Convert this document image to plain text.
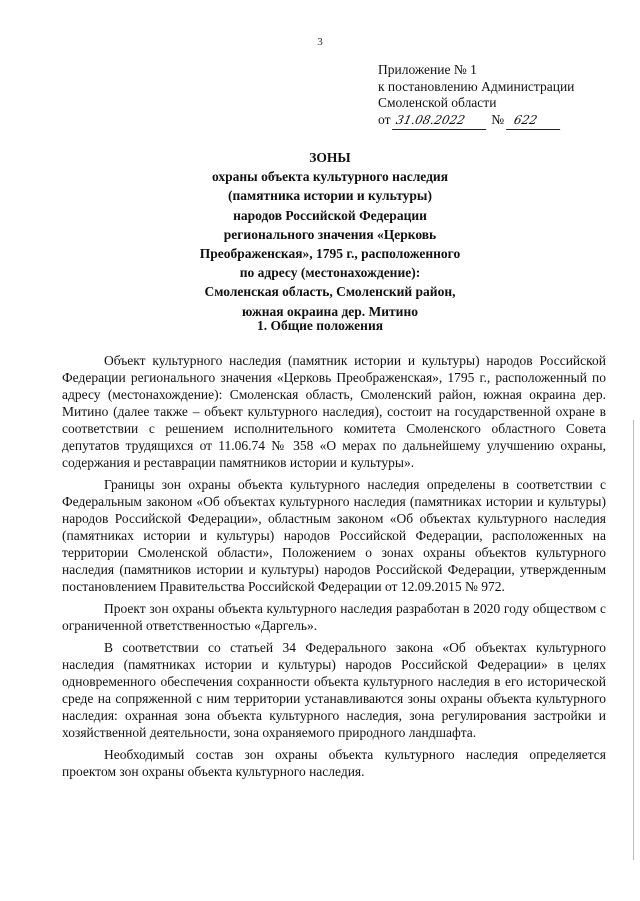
3
Приложение № 1
к постановлению Администрации
Смоленской области
от 31.08.2022 № 622
ЗОНЫ
охраны объекта культурного наследия
(памятника истории и культуры)
народов Российской Федерации
регионального значения «Церковь
Преображенская», 1795 г., расположенного
по адресу (местонахождение):
Смоленская область, Смоленский район,
южная окраина дер. Митино
1. Общие положения

Объект культурного наследия (памятник истории и культуры) народов Российской Федерации регионального значения «Церковь Преображенская», 1795 г., расположенный по адресу (местонахождение): Смоленская область, Смоленский район, южная окраина дер. Митино (далее также – объект культурного наследия), состоит на государственной охране в соответствии с решением исполнительного комитета Смоленского областного Совета депутатов трудящихся от 11.06.74 № 358 «О мерах по дальнейшему улучшению охраны, содержания и реставрации памятников истории и культуры».

Границы зон охраны объекта культурного наследия определены в соответствии с Федеральным законом «Об объектах культурного наследия (памятниках истории и культуры) народов Российской Федерации», областным законом «Об объектах культурного наследия (памятниках истории и культуры) народов Российской Федерации, расположенных на территории Смоленской области», Положением о зонах охраны объектов культурного наследия (памятников истории и культуры) народов Российской Федерации, утвержденным постановлением Правительства Российской Федерации от 12.09.2015 № 972.

Проект зон охраны объекта культурного наследия разработан в 2020 году обществом с ограниченной ответственностью «Даргель».

В соответствии со статьей 34 Федерального закона «Об объектах культурного наследия (памятниках истории и культуры) народов Российской Федерации» в целях одновременного обеспечения сохранности объекта культурного наследия в его исторической среде на сопряженной с ним территории устанавливаются зоны охраны объекта культурного наследия: охранная зона объекта культурного наследия, зона регулирования застройки и хозяйственной деятельности, зона охраняемого природного ландшафта.

Необходимый состав зон охраны объекта культурного наследия определяется проектом зон охраны объекта культурного наследия.
